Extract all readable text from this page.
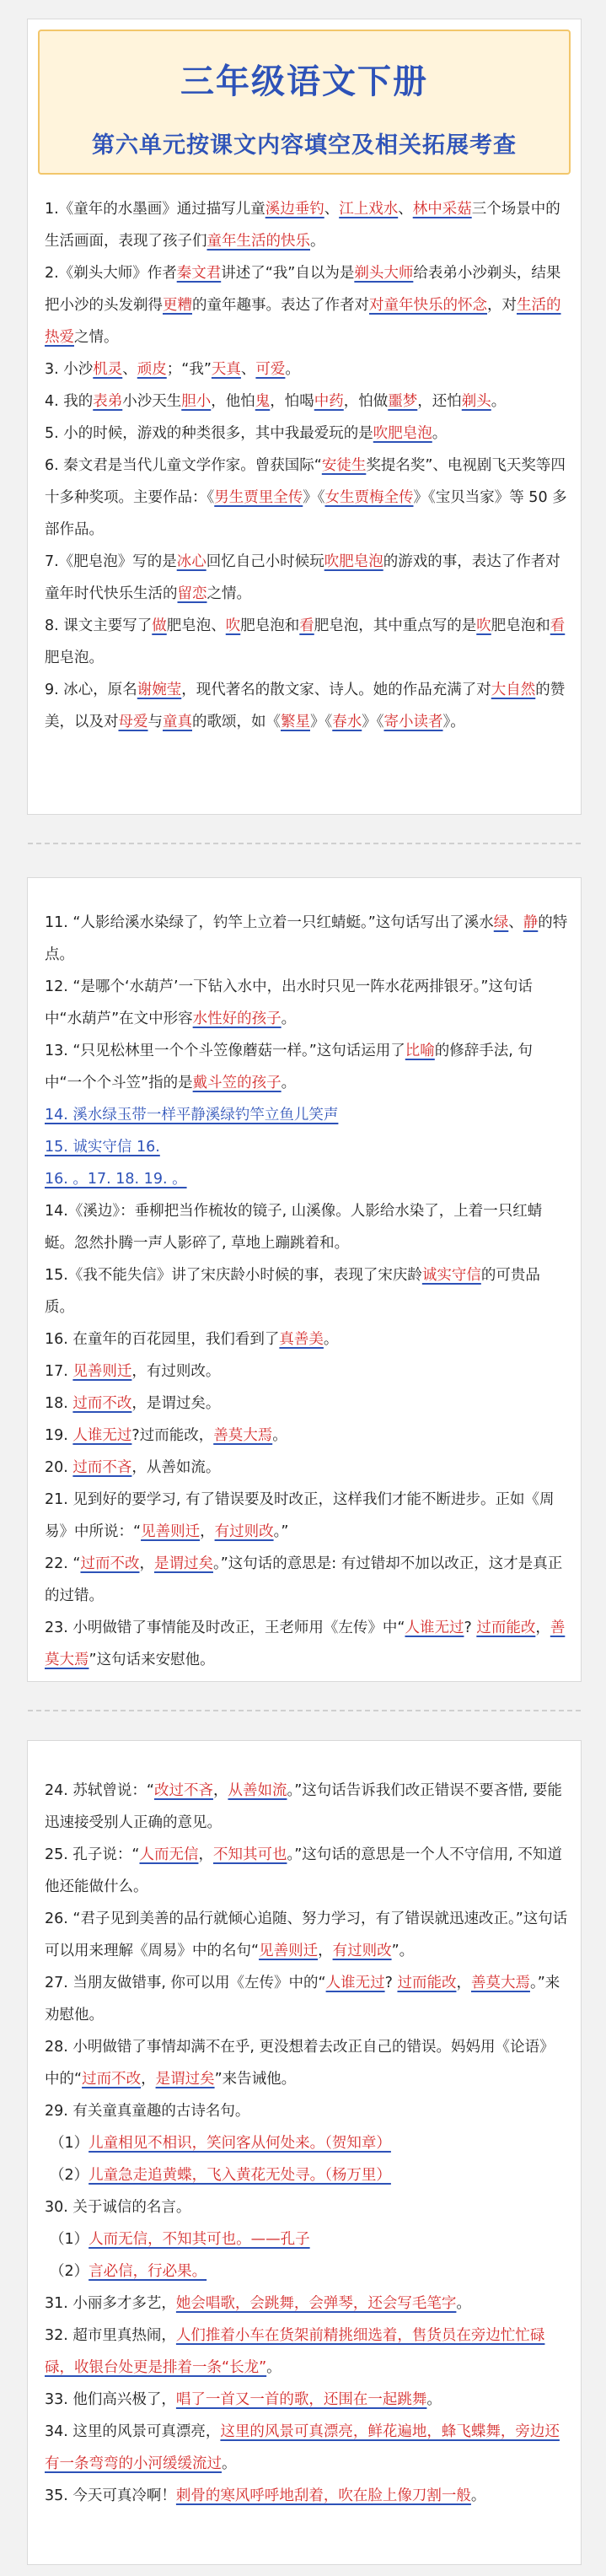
三年级语文下册
第六单元按课文内容填空及相关拓展考查
1.《童年的水墨画》通过描写儿童溪边垂钓、江上戏水、林中采菇三个场景中的生活画面，表现了孩子们童年生活的快乐。
2.《剃头大师》作者秦文君讲述了“我”自以为是剃头大师给表弟小沙剃头，结果把小沙的头发剃得更糟的童年趣事。表达了作者对对童年快乐的怀念，对生活的热爱之情。
3. 小沙机灵、顽皮；“我”天真、可爱。
4. 我的表弟小沙天生胆小，他怕鬼，怕喝中药，怕做噩梦，还怕剃头。
5. 小的时候，游戏的种类很多，其中我最爱玩的是吹肥皂泡。
6. 秦文君是当代儿童文学作家。曾获国际“安徒生奖提名奖”、电视剧飞天奖等四十多种奖项。主要作品：《男生贾里全传》《女生贾梅全传》《宝贝当家》等 50 多部作品。
7.《肥皂泡》写的是冰心回忆自己小时候玩吹肥皂泡的游戏的事，表达了作者对童年时代快乐生活的留恋之情。
8. 课文主要写了做肥皂泡、吹肥皂泡和看肥皂泡，其中重点写的是吹肥皂泡和看肥皂泡。
9. 冰心，原名谢婉莹，现代著名的散文家、诗人。她的作品充满了对大自然的赞美，以及对母爱与童真的歌颂，如《繁星》《春水》《寄小读者》。
11. “人影给溪水染绿了，钓竿上立着一只红蜻蜓。”这句话写出了溪水绿、静的特点。
12. “是哪个‘水葫芦’一下钻入水中，出水时只见一阵水花两排银牙。”这句话中“水葫芦”在文中形容水性好的孩子。
13. “只见松林里一个个斗笠像蘑菇一样。”这句话运用了比喻的修辞手法, 句中“一个个斗笠”指的是戴斗笠的孩子。
14. 溪水绿玉带一样平静溪绿钓竿立鱼儿笑声
15. 诚实守信 16.
16. 。17. 18. 19. 。
14.《溪边》：垂柳把当作梳妆的镜子, 山溪像。人影给水染了，上着一只红蜻蜓。忽然扑腾一声人影碎了, 草地上蹦跳着和。
15.《我不能失信》讲了宋庆龄小时候的事，表现了宋庆龄诚实守信的可贵品质。
16. 在童年的百花园里，我们看到了真善美。
17. 见善则迁，有过则改。
18. 过而不改，是谓过矣。
19. 人谁无过?过而能改，善莫大焉。
20. 过而不吝，从善如流。
21. 见到好的要学习, 有了错误要及时改正，这样我们才能不断进步。正如《周易》中所说：“见善则迁，有过则改。”
22. “过而不改，是谓过矣。”这句话的意思是: 有过错却不加以改正，这才是真正的过错。
23. 小明做错了事情能及时改正，王老师用《左传》中“人谁无过? 过而能改，善莫大焉”这句话来安慰他。
24. 苏轼曾说：“改过不吝，从善如流。”这句话告诉我们改正错误不要吝惜, 要能迅速接受别人正确的意见。
25. 孔子说：“人而无信，不知其可也。”这句话的意思是一个人不守信用, 不知道他还能做什么。
26. “君子见到美善的品行就倾心追随、努力学习，有了错误就迅速改正。”这句话可以用来理解《周易》中的名句“见善则迁，有过则改”。
27. 当朋友做错事, 你可以用《左传》中的“人谁无过? 过而能改，善莫大焉。”来劝慰他。
28. 小明做错了事情却满不在乎, 更没想着去改正自己的错误。妈妈用《论语》中的“过而不改，是谓过矣”来告诫他。
29. 有关童真童趣的古诗名句。
（1）儿童相见不相识，笑问客从何处来。（贺知章）
（2）儿童急走追黄蝶，飞入黄花无处寻。（杨万里）
30. 关于诚信的名言。
（1）人而无信，不知其可也。——孔子
（2）言必信，行必果。
31. 小丽多才多艺，她会唱歌，会跳舞，会弹琴，还会写毛笔字。
32. 超市里真热闹，人们推着小车在货架前精挑细选着，售货员在旁边忙忙碌碌，收银台处更是排着一条“长龙”。
33. 他们高兴极了，唱了一首又一首的歌，还围在一起跳舞。
34. 这里的风景可真漂亮，这里的风景可真漂亮，鲜花遍地，蜂飞蝶舞，旁边还有一条弯弯的小河缓缓流过。
35. 今天可真冷啊！刺骨的寒风呼呼地刮着，吹在脸上像刀割一般。
